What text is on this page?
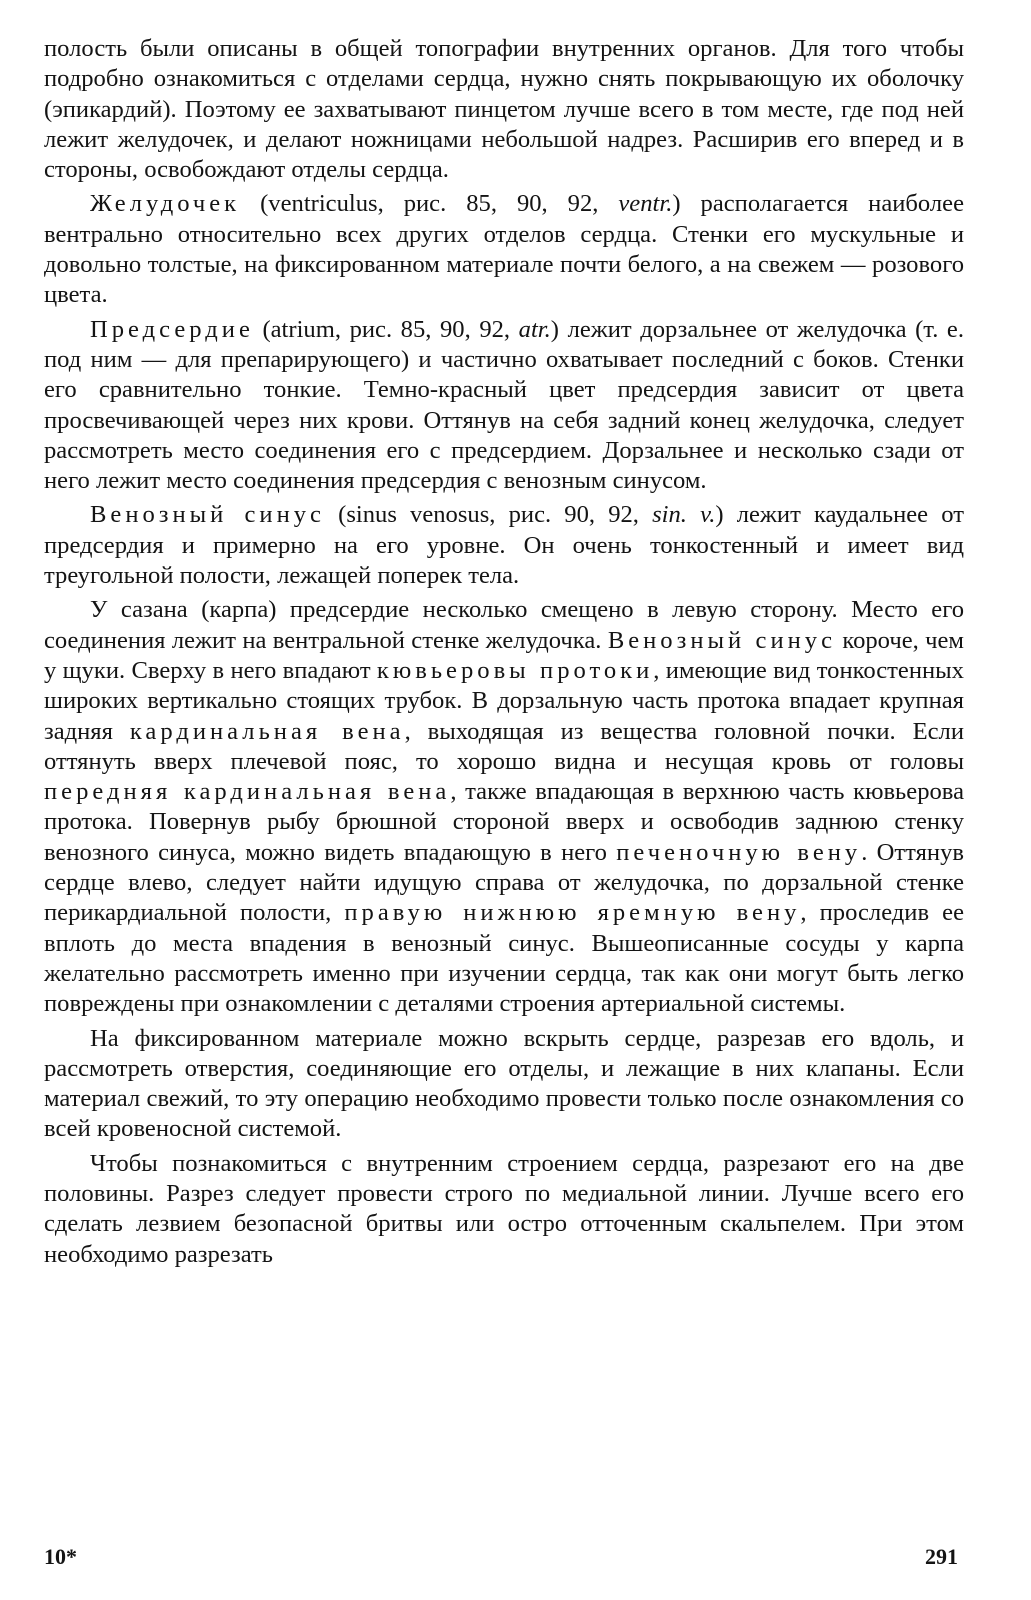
полость были описаны в общей топографии внутренних органов. Для того чтобы подробно ознакомиться с отделами сердца, нужно снять покрывающую их оболочку (эпикардий). Поэтому ее захватывают пинцетом лучше всего в том месте, где под ней лежит желудочек, и делают ножницами небольшой надрез. Расширив его вперед и в стороны, освобождают отделы сердца.

Желудочек (ventriculus, рис. 85, 90, 92, ventr.) располагается наиболее вентрально относительно всех других отделов сердца. Стенки его мускульные и довольно толстые, на фиксированном материале почти белого, а на свежем — розового цвета.

Предсердие (atrium, рис. 85, 90, 92, atr.) лежит дорзальнее от желудочка (т. е. под ним — для препарирующего) и частично охватывает последний с боков. Стенки его сравнительно тонкие. Темно-красный цвет предсердия зависит от цвета просвечивающей через них крови. Оттянув на себя задний конец желудочка, следует рассмотреть место соединения его с предсердием. Дорзальнее и несколько сзади от него лежит место соединения предсердия с венозным синусом.

Венозный синус (sinus venosus, рис. 90, 92, sin. v.) лежит каудальнее от предсердия и примерно на его уровне. Он очень тонкостенный и имеет вид треугольной полости, лежащей поперек тела.

У сазана (карпа) предсердие несколько смещено в левую сторону. Место его соединения лежит на вентральной стенке желудочка. Венозный синус короче, чем у щуки. Сверху в него впадают кювьеровы протоки, имеющие вид тонкостенных широких вертикально стоящих трубок. В дорзальную часть протока впадает крупная задняя кардинальная вена, выходящая из вещества головной почки. Если оттянуть вверх плечевой пояс, то хорошо видна и несущая кровь от головы передняя кардинальная вена, также впадающая в верхнюю часть кювьерова протока. Повернув рыбу брюшной стороной вверх и освободив заднюю стенку венозного синуса, можно видеть впадающую в него печеночную вену. Оттянув сердце влево, следует найти идущую справа от желудочка, по дорзальной стенке перикардиальной полости, правую нижнюю яремную вену, проследив ее вплоть до места впадения в венозный синус. Вышеописанные сосуды у карпа желательно рассмотреть именно при изучении сердца, так как они могут быть легко повреждены при ознакомлении с деталями строения артериальной системы.

На фиксированном материале можно вскрыть сердце, разрезав его вдоль, и рассмотреть отверстия, соединяющие его отделы, и лежащие в них клапаны. Если материал свежий, то эту операцию необходимо провести только после ознакомления со всей кровеносной системой.

Чтобы познакомиться с внутренним строением сердца, разрезают его на две половины. Разрез следует провести строго по медиальной линии. Лучше всего его сделать лезвием безопасной бритвы или остро отточенным скальпелем. При этом необходимо разрезать

10*	291
